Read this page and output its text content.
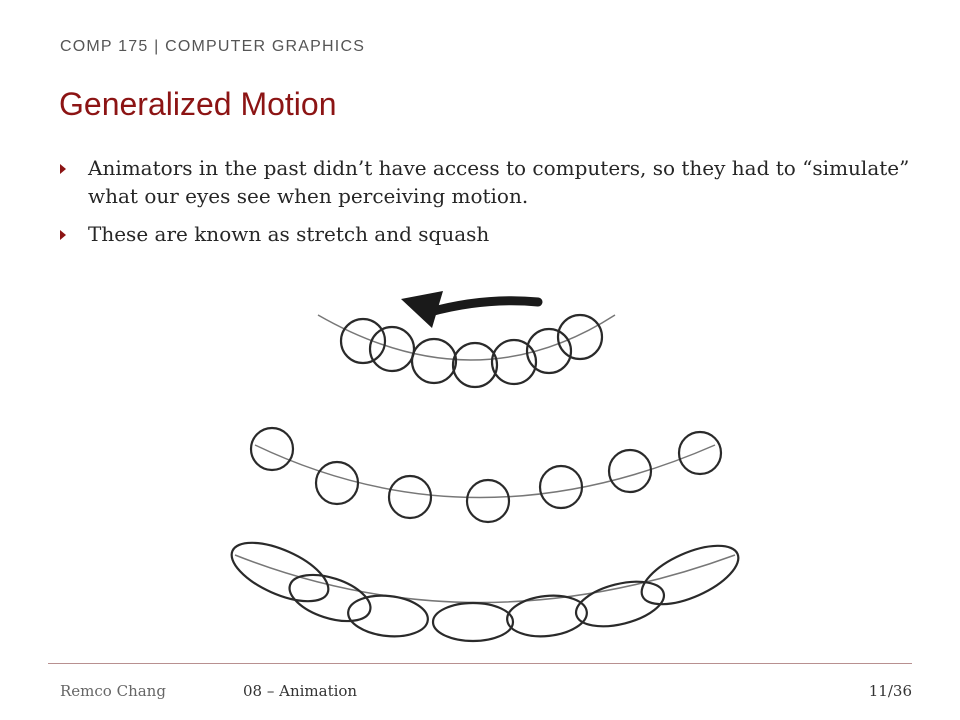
COMP 175 | COMPUTER GRAPHICS
Generalized Motion
Animators in the past didn’t have access to computers, so they had to “simulate” what our eyes see when perceiving motion.
These are known as stretch and squash
Remco Chang	08 – Animation	11/36
